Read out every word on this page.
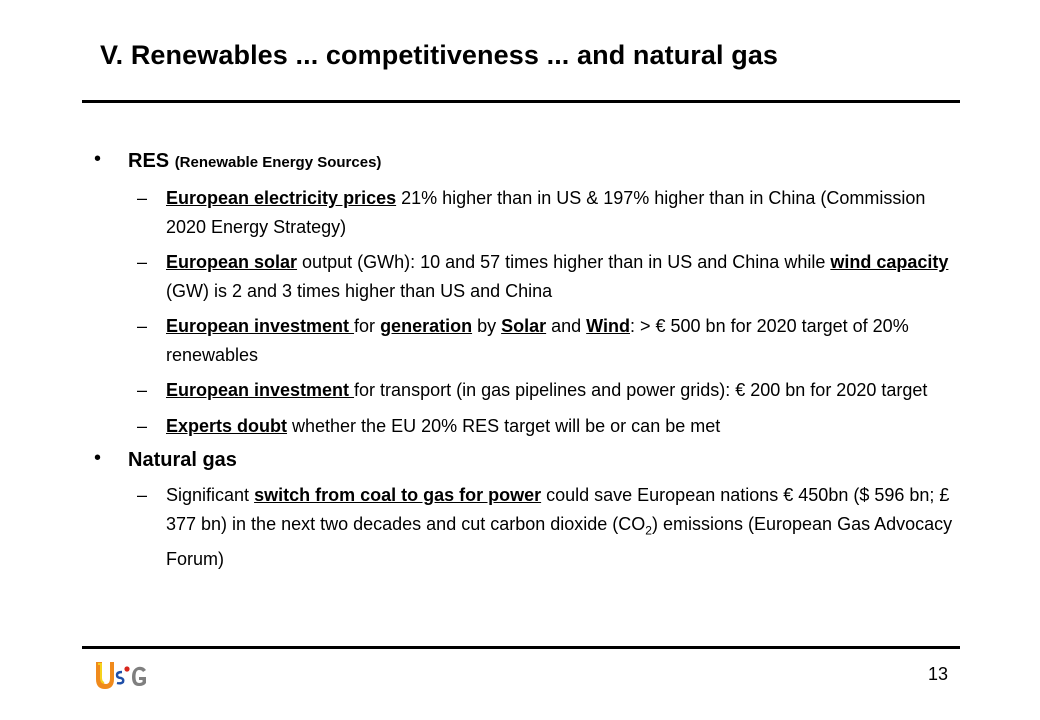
V. Renewables ... competitiveness ... and natural gas
• RES (Renewable Energy Sources)
– European electricity prices 21% higher than in US & 197% higher than in China (Commission 2020 Energy Strategy)
– European solar output (GWh): 10 and 57 times higher than in US and China while wind capacity (GW) is 2 and 3 times higher than US and China
– European investment for generation by Solar and Wind: > € 500 bn for 2020 target of 20% renewables
– European investment for transport (in gas pipelines and power grids): € 200 bn for 2020 target
– Experts doubt whether the EU 20% RES target will be or can be met
• Natural gas
– Significant switch from coal to gas for power could save European nations € 450bn ($ 596 bn; £ 377 bn) in the next two decades and cut carbon dioxide $(CO_2)$ emissions (European Gas Advocacy Forum)
13
